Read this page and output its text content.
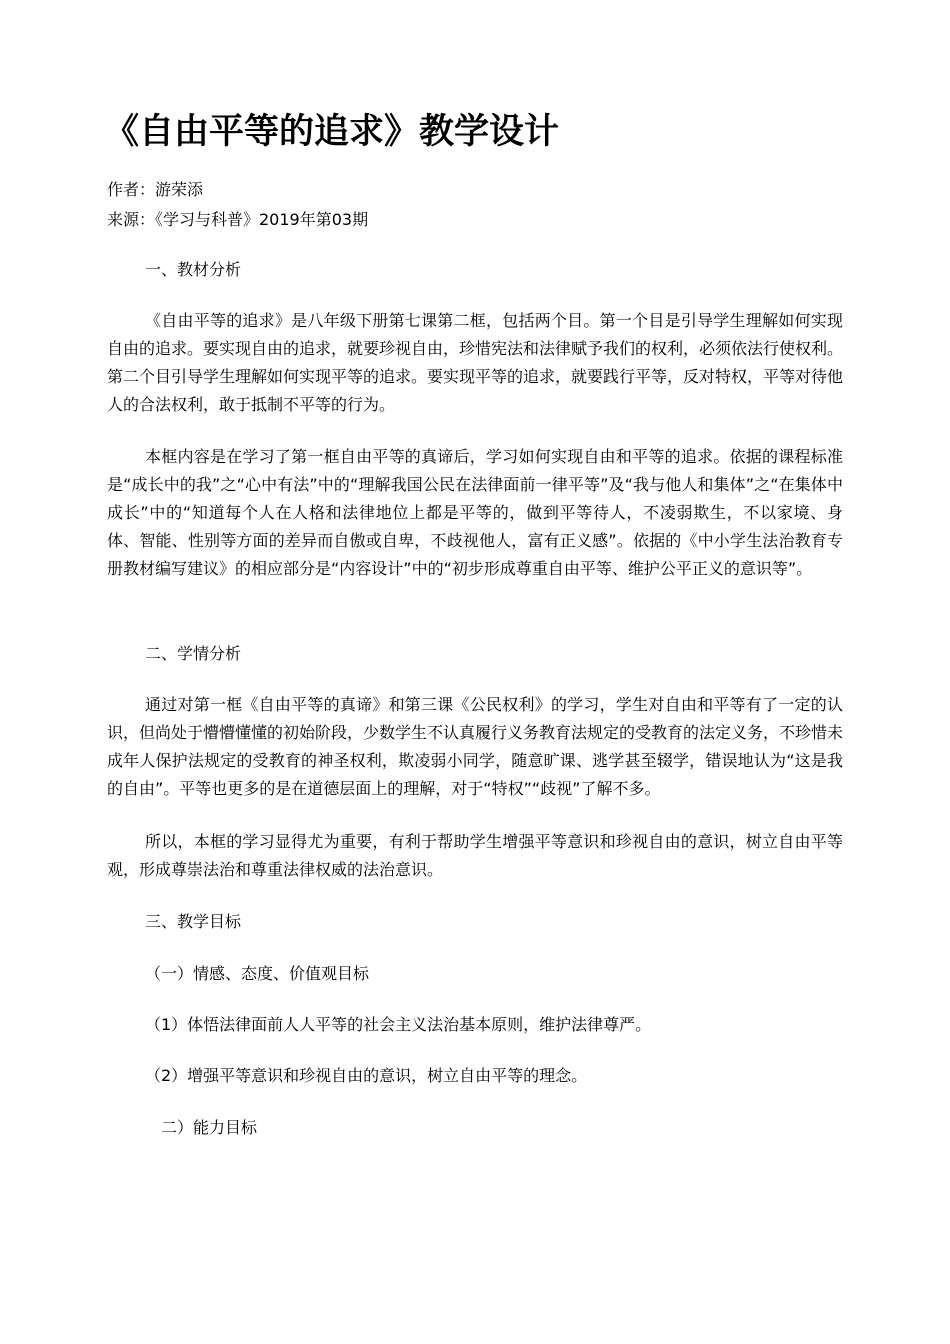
《自由平等的追求》教学设计

作者：游荣添

来源：《学习与科普》2019年第03期

一、教材分析

《自由平等的追求》是八年级下册第七课第二框，包括两个目。第一个目是引导学生理解如何实现自由的追求。要实现自由的追求，就要珍视自由，珍惜宪法和法律赋予我们的权利，必须依法行使权利。第二个目引导学生理解如何实现平等的追求。要实现平等的追求，就要践行平等，反对特权，平等对待他人的合法权利，敢于抵制不平等的行为。

本框内容是在学习了第一框自由平等的真谛后，学习如何实现自由和平等的追求。依据的课程标准是“成长中的我”之“心中有法”中的“理解我国公民在法律面前一律平等”及“我与他人和集体”之“在集体中成长”中的“知道每个人在人格和法律地位上都是平等的，做到平等待人，不凌弱欺生，不以家境、身体、智能、性别等方面的差异而自傲或自卑，不歧视他人，富有正义感”。依据的《中小学生法治教育专册教材编写建议》的相应部分是“内容设计”中的“初步形成尊重自由平等、维护公平正义的意识等”。

二、学情分析

通过对第一框《自由平等的真谛》和第三课《公民权利》的学习，学生对自由和平等有了一定的认识，但尚处于懵懵懂懂的初始阶段，少数学生不认真履行义务教育法规定的受教育的法定义务，不珍惜未成年人保护法规定的受教育的神圣权利，欺凌弱小同学，随意旷课、逃学甚至辍学，错误地认为“这是我的自由”。平等也更多的是在道德层面上的理解，对于“特权”“歧视”了解不多。

所以，本框的学习显得尤为重要，有利于帮助学生增强平等意识和珍视自由的意识，树立自由平等观，形成尊崇法治和尊重法律权威的法治意识。

三、教学目标

（一）情感、态度、价值观目标

（1）体悟法律面前人人平等的社会主义法治基本原则，维护法律尊严。

（2）增强平等意识和珍视自由的意识，树立自由平等的理念。

二）能力目标
